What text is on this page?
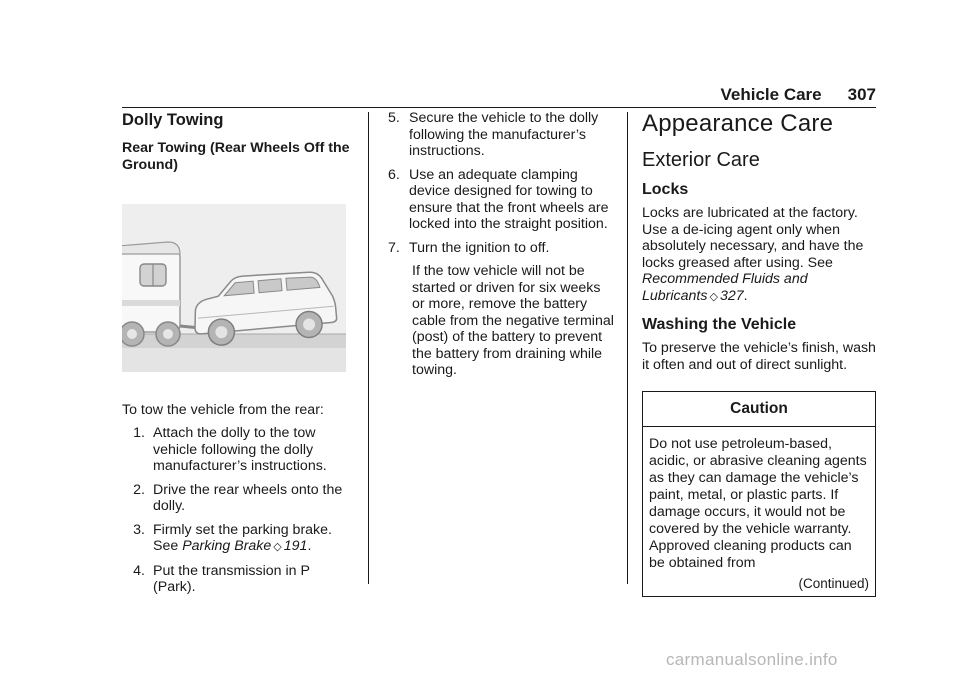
Vehicle Care 307
Dolly Towing
Rear Towing (Rear Wheels Off the Ground)

To tow the vehicle from the rear:

1. Attach the dolly to the tow vehicle following the dolly manufacturer’s instructions.
2. Drive the rear wheels onto the dolly.
3. Firmly set the parking brake. See Parking Brake ◇ 191.
4. Put the transmission in P (Park).
5. Secure the vehicle to the dolly following the manufacturer’s instructions.
6. Use an adequate clamping device designed for towing to ensure that the front wheels are locked into the straight position.
7. Turn the ignition to off.

If the tow vehicle will not be started or driven for six weeks or more, remove the battery cable from the negative terminal (post) of the battery to prevent the battery from draining while towing.

Appearance Care
Exterior Care
Locks

Locks are lubricated at the factory. Use a de-icing agent only when absolutely necessary, and have the locks greased after using. See Recommended Fluids and Lubricants ◇ 327.

Washing the Vehicle

To preserve the vehicle’s finish, wash it often and out of direct sunlight.

Caution
Do not use petroleum-based, acidic, or abrasive cleaning agents as they can damage the vehicle’s paint, metal, or plastic parts. If damage occurs, it would not be covered by the vehicle warranty. Approved cleaning products can be obtained from
(Continued)
carmanualsonline.info
